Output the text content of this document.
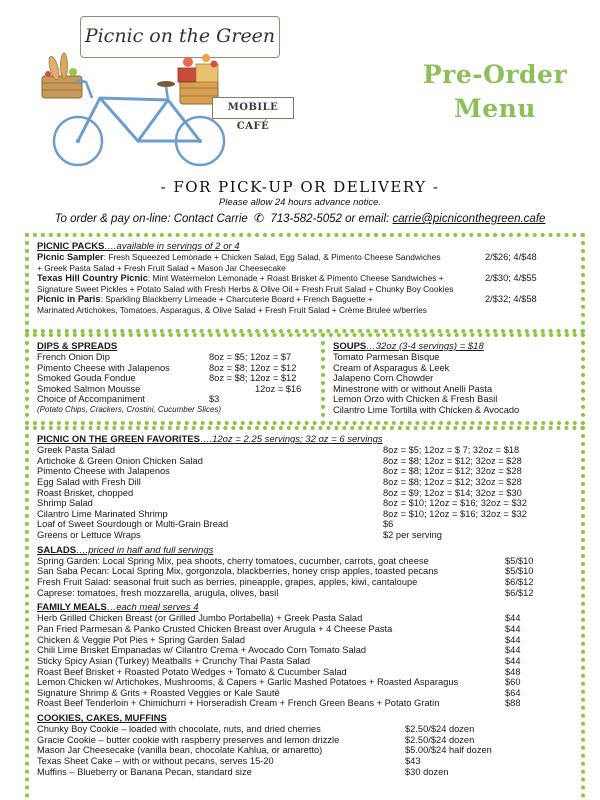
Picnic on the Green
MOBILE CAFÉ
Pre-Order
Menu
- FOR PICK-UP OR DELIVERY -
Please allow 24 hours advance notice.
To order & pay on-line: Contact Carrie ✆ 713-582-5052 or email: carrie@picniconthegreen.cafe
PICNIC PACKS….available in servings of 2 or 4
Picnic Sampler: Fresh Squeezed Lemonade + Chicken Salad, Egg Salad, & Pimento Cheese Sandwiches
+ Greek Pasta Salad + Fresh Fruit Salad + Mason Jar Cheesecake
2/$26; 4/$48
Texas Hill Country Picnic: Mint Watermelon Lemonade + Roast Brisket & Pimento Cheese Sandwiches +
Signature Sweet Pickles + Potato Salad with Fresh Herbs & Olive Oil + Fresh Fruit Salad + Chunky Boy Cookies
2/$30; 4/$55
Picnic in Paris: Sparkling Blackberry Limeade + Charcuterie Board + French Baguette +
Marinated Artichokes, Tomatoes, Asparagus, & Olive Salad + Fresh Fruit Salad + Crème Brulee w/berries
2/$32; 4/$58
DIPS & SPREADS
French Onion Dip	8oz = $5; 12oz = $7
Pimento Cheese with Jalapenos	8oz = $8; 12oz = $12
Smoked Gouda Fondue	8oz = $8; 12oz = $12
Smoked Salmon Mousse	12oz = $16
Choice of Accompaniment	$3
(Potato Chips, Crackers, Crostini, Cucumber Slices)
SOUPS…32oz (3-4 servings) = $18
Tomato Parmesan Bisque
Cream of Asparagus & Leek
Jalapeno Corn Chowder
Minestrone with or without Anelli Pasta
Lemon Orzo with Chicken & Fresh Basil
Cilantro Lime Tortilla with Chicken & Avocado
PICNIC ON THE GREEN FAVORITES….12oz = 2.25 servings; 32 oz = 6 servings
Greek Pasta Salad	8oz = $5; 12oz = $ 7; 32oz = $18
Artichoke & Green Onion Chicken Salad	8oz = $8; 12oz = $12; 32oz = $28
Pimento Cheese with Jalapenos	8oz = $8; 12oz = $12; 32oz = $28
Egg Salad with Fresh Dill	8oz = $8; 12oz = $12; 32oz = $28
Roast Brisket, chopped	8oz = $9; 12oz = $14; 32oz = $30
Shrimp Salad	8oz = $10; 12oz = $16; 32oz = $32
Cilantro Lime Marinated Shrimp	8oz = $10; 12oz = $16; 32oz = $32
Loaf of Sweet Sourdough or Multi-Grain Bread	$6
Greens or Lettuce Wraps	$2 per serving
SALADS….priced in half and full servings
Spring Garden: Local Spring Mix, pea shoots, cherry tomatoes, cucumber, carrots, goat cheese	$5/$10
San Saba Pecan: Local Spring Mix, gorgonzola, blackberries, honey crisp apples, toasted pecans	$5/$10
Fresh Fruit Salad: seasonal fruit such as berries, pineapple, grapes, apples, kiwi, cantaloupe	$6/$12
Caprese: tomatoes, fresh mozzarella, arugula, olives, basil	$6/$12
FAMILY MEALS…each meal serves 4
Herb Grilled Chicken Breast (or Grilled Jumbo Portabella) + Greek Pasta Salad	$44
Pan Fried Parmesan & Panko Crusted Chicken Breast over Arugula + 4 Cheese Pasta	$44
Chicken & Veggie Pot Pies + Spring Garden Salad	$44
Chili Lime Brisket Empanadas w/ Cilantro Crema + Avocado Corn Tomato Salad	$44
Sticky Spicy Asian (Turkey) Meatballs + Crunchy Thai Pasta Salad	$44
Roast Beef Brisket + Roasted Potato Wedges + Tomato & Cucumber Salad	$48
Lemon Chicken w/ Artichokes, Mushrooms, & Capers + Garlic Mashed Potatoes + Roasted Asparagus	$60
Signature Shrimp & Grits + Roasted Veggies or Kale Sauté	$64
Roast Beef Tenderloin + Chimichurri + Horseradish Cream + French Green Beans + Potato Gratin	$88
COOKIES, CAKES, MUFFINS
Chunky Boy Cookie – loaded with chocolate, nuts, and dried cherries	$2.50/$24 dozen
Gracie Cookie – butter cookie with raspberry preserves and lemon drizzle	$2.50/$24 dozen
Mason Jar Cheesecake (vanilla bean, chocolate Kahlua, or amaretto)	$5.00/$24 half dozen
Texas Sheet Cake – with or without pecans, serves 15-20	$43
Muffins – Blueberry or Banana Pecan, standard size	$30 dozen
